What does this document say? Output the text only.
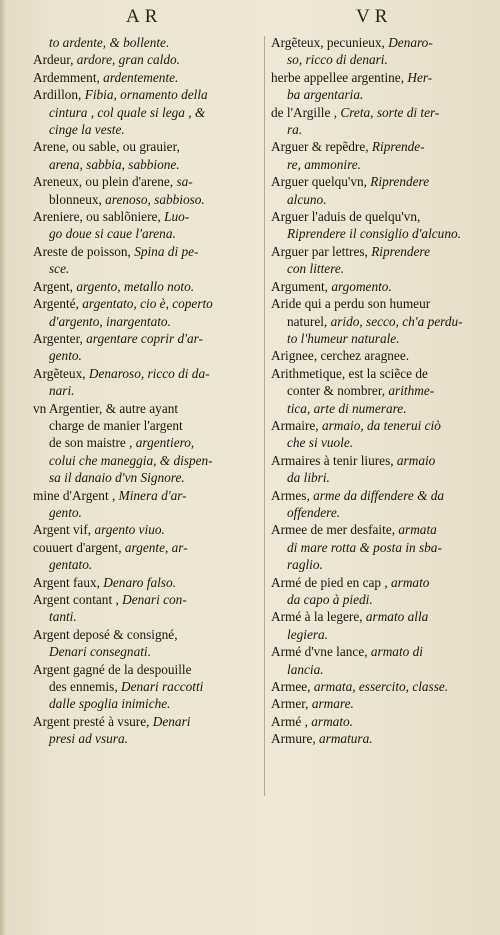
AR	VR
to ardente, & bollente.
Ardeur, ardore, gran caldo.
Ardemment, ardentemente.
Ardillon, Fibia, ornamento della
cintura , col quale si lega , &
cinge la veste.
Arene, ou sable, ou grauier,
arena, sabbia, sabbione.
Areneux, ou plein d'arene, sa-
blonneux, arenoso, sabbioso.
Areniere, ou sablõniere, Luo-
go doue si caue l'arena.
Areste de poisson, Spina di pe-
sce.
Argent, argento, metallo noto.
Argenté, argentato, cio è, coperto
d'argento, inargentato.
Argenter, argentare coprir d'ar-
gento.
Argẽteux, Denaroso, ricco di da-
nari.
vn Argentier, & autre ayant
charge de manier l'argent
de son maistre , argentiero,
colui che maneggia, & dispen-
sa il danaio d'vn Signore.
mine d'Argent , Minera d'ar-
gento.
Argent vif, argento viuo.
couuert d'argent, argente, ar-
gentato.
Argent faux, Denaro falso.
Argent contant , Denari con-
tanti.
Argent deposé & consigné,
Denari consegnati.
Argent gagné de la despouille
des ennemis, Denari raccotti
dalle spoglia inimiche.
Argent presté à vsure, Denari
presi ad vsura.
Argẽteux, pecunieux, Denaro-
so, ricco di denari.
herbe appellee argentine, Her-
ba argentaria.
de l'Argille , Creta, sorte di ter-
ra.
Arguer & repẽdre, Riprende-
re, ammonire.
Arguer quelqu'vn, Riprendere
alcuno.
Arguer l'aduis de quelqu'vn,
Riprendere il consiglio d'alcuno.
Arguer par lettres, Riprendere
con littere.
Argument, argomento.
Aride qui a perdu son humeur
naturel, arido, secco, ch'a perdu-
to l'humeur naturale.
Arignee, cerchez aragnee.
Arithmetique, est la sciẽce de
conter & nombrer, arithme-
tica, arte di numerare.
Armaire, armaio, da tenerui ciò
che si vuole.
Armaires à tenir liures, armaio
da libri.
Armes, arme da diffendere & da
offendere.
Armee de mer desfaite, armata
di mare rotta & posta in sba-
raglio.
Armé de pied en cap , armato
da capo à piedi.
Armé à la legere, armato alla
legiera.
Armé d'vne lance, armato di
lancia.
Armee, armata, essercito, classe.
Armer, armare.
Armé , armato.
Armure, armatura.
